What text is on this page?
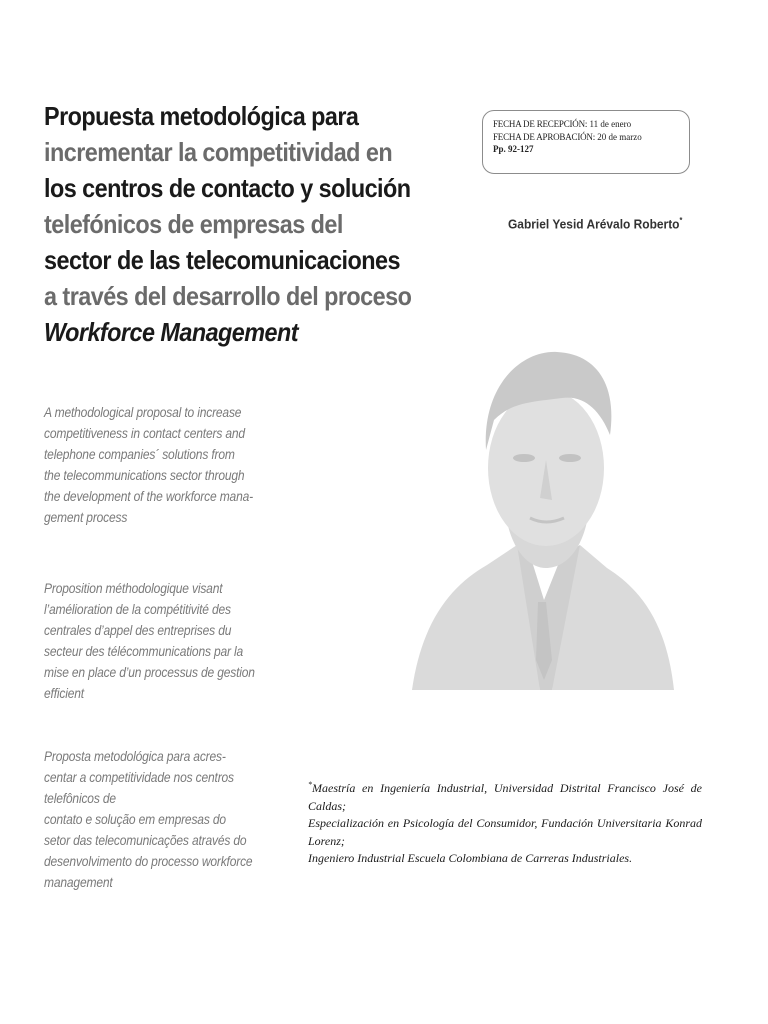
Propuesta metodológica para
incrementar la competitividad en
los centros de contacto y solución
telefónicos de empresas del
sector de las telecomunicaciones
a través del desarrollo del proceso
Workforce Management
FECHA DE RECEPCIÓN: 11 de enero
FECHA DE APROBACIÓN: 20 de marzo
Pp. 92-127
Gabriel Yesid Arévalo Roberto*
A methodological proposal to increase
competitiveness in contact centers and
telephone companies´ solutions from
the telecommunications sector through
the development of the workforce mana-
gement process
Proposition méthodologique visant
l’amélioration de la compétitivité des
centrales d’appel des entreprises du
secteur des télécommunications par la
mise en place d’un processus de gestion
efficient
Proposta metodológica para acres-
centar a competitividade nos centros
telefônicos de
contato e solução em empresas do
setor das telecomunicações através do
desenvolvimento do processo workforce
management
*Maestría en Ingeniería Industrial, Universidad Distrital Francisco José de Caldas;
Especialización en Psicología del Consumidor, Fundación Universitaria Konrad Lorenz;
Ingeniero Industrial Escuela Colombiana de Carreras Industriales.
